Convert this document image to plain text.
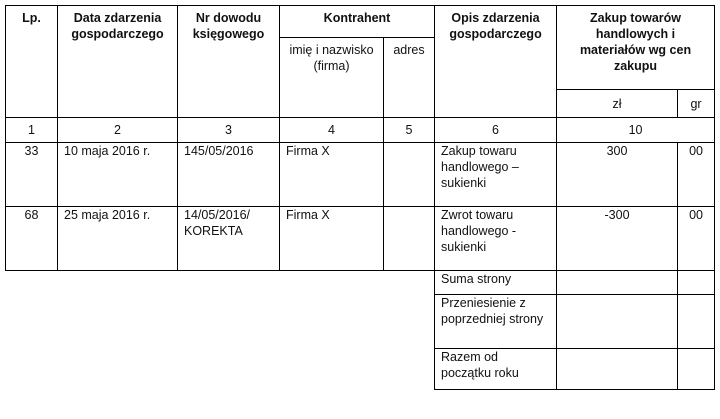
Lp.	Data zdarzenia gospodarczego	Nr dowodu księgowego	Kontrahent		Opis zdarzenia gospodarczego	Zakup towarów handlowych i materiałów wg cen zakupu	
			imię i nazwisko (firma)	adres			
						zł	gr
1	2	3	4	5	6	10	
33	10 maja 2016 r.	145/05/2016	Firma X		Zakup towaru handlowego – sukienki	300	00
68	25 maja 2016 r.	14/05/2016/ KOREKTA	Firma X		Zwrot towaru handlowego - sukienki	-300	00
					Suma strony		
					Przeniesienie z poprzedniej strony		
					Razem od początku roku		
